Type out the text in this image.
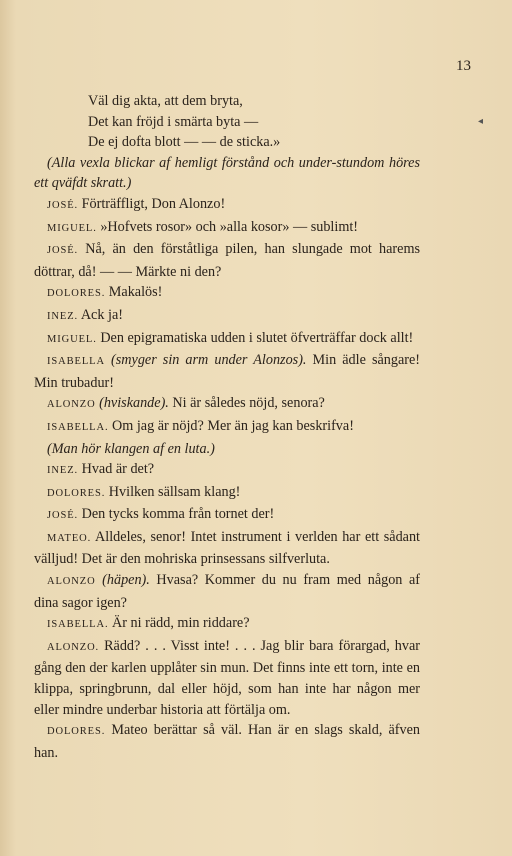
13
◂
Väl dig akta, att dem bryta,
Det kan fröjd i smärta byta —
De ej dofta blott — — de sticka.»

(Alla vexla blickar af hemligt förstånd och under-stundom höres ett qväfdt skratt.)

JOSÉ. Förträffligt, Don Alonzo!

MIGUEL. »Hofvets rosor» och »alla kosor» — sublimt!

JOSÉ. Nå, än den förståtliga pilen, han slungade mot harems döttrar, då! — — Märkte ni den?

DOLORES. Makalös!

INEZ. Ack ja!

MIGUEL. Den epigramatiska udden i slutet öfverträffar dock allt!

ISABELLA (smyger sin arm under Alonzos). Min ädle sångare! Min trubadur!

ALONZO (hviskande). Ni är således nöjd, senora?

ISABELLA. Om jag är nöjd? Mer än jag kan beskrifva!

(Man hör klangen af en luta.)

INEZ. Hvad är det?

DOLORES. Hvilken sällsam klang!

JOSÉ. Den tycks komma från tornet der!

MATEO. Alldeles, senor! Intet instrument i verlden har ett sådant välljud! Det är den mohriska prinsessans silfverluta.

ALONZO (häpen). Hvasa? Kommer du nu fram med någon af dina sagor igen?

ISABELLA. Är ni rädd, min riddare?

ALONZO. Rädd? . . . Visst inte! . . . Jag blir bara förargad, hvar gång den der karlen upplåter sin mun. Det finns inte ett torn, inte en klippa, springbrunn, dal eller höjd, som han inte har någon mer eller mindre underbar historia att förtälja om.

DOLORES. Mateo berättar så väl. Han är en slags skald, äfven han.
